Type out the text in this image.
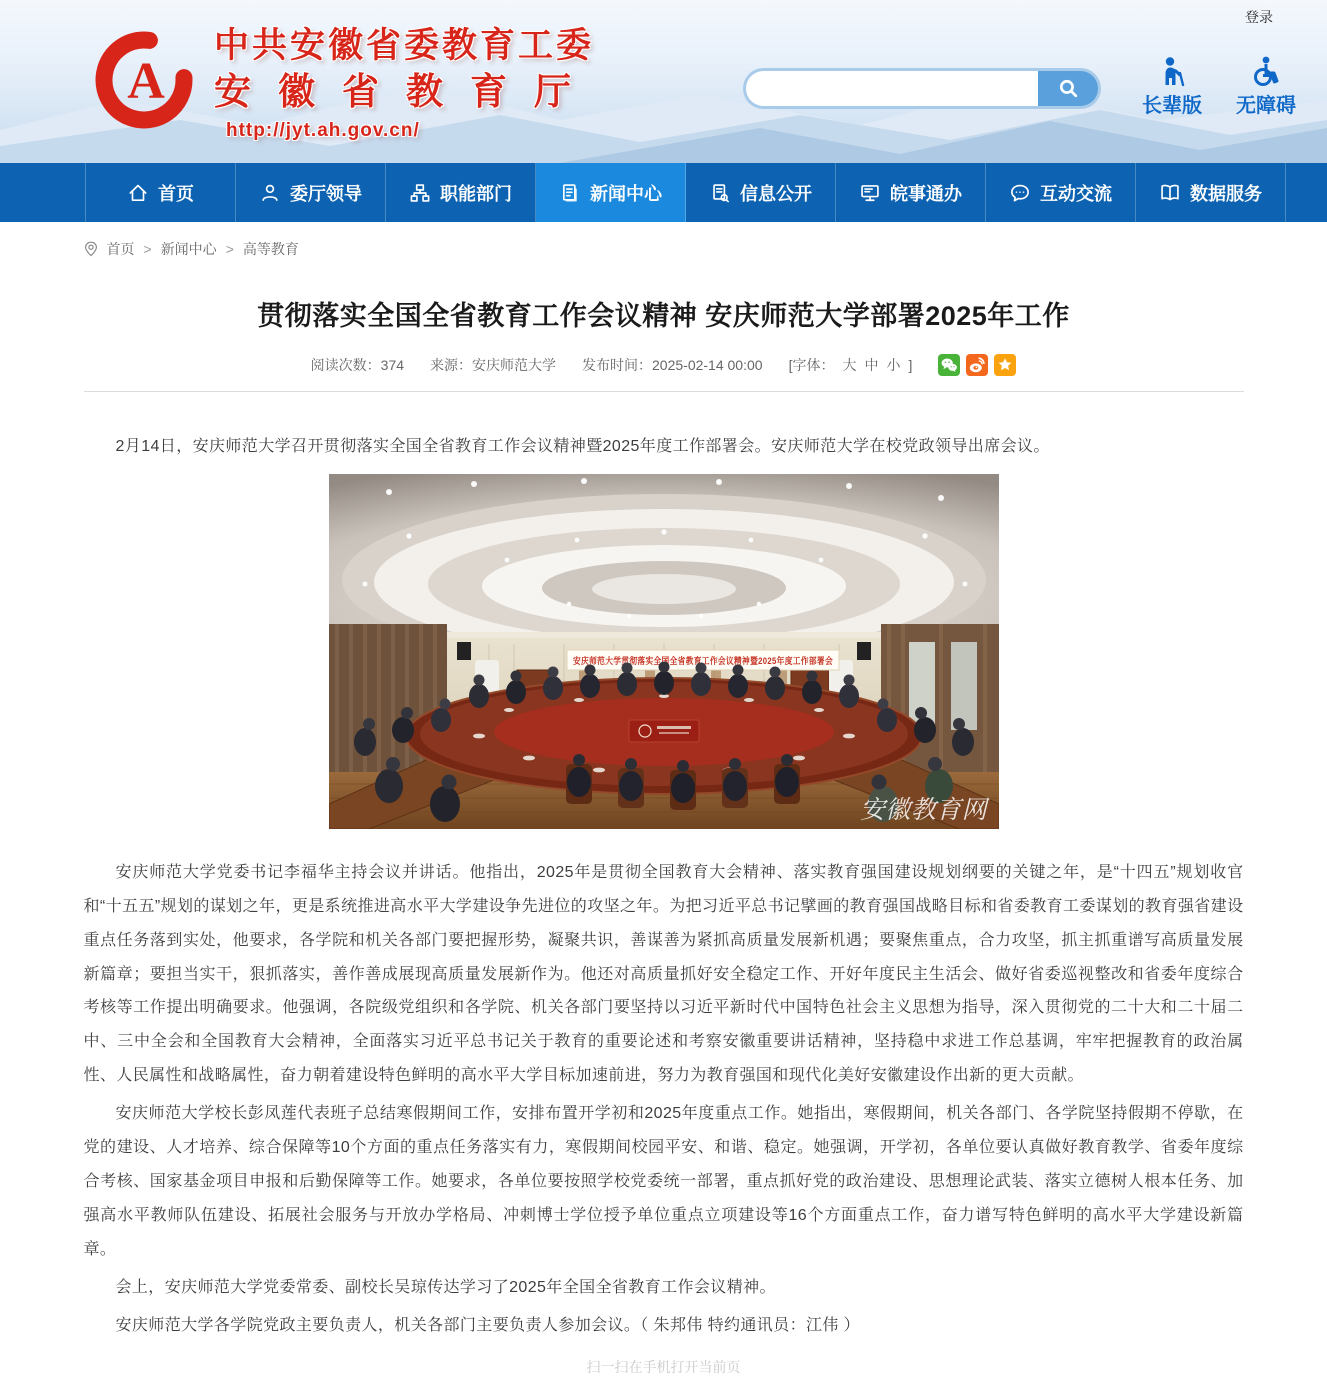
登录
A
中共安徽省委教育工委
安徽省教育厅
http://jyt.ah.gov.cn/
长辈版 无障碍
首页	委厅领导	职能部门	新闻中心	信息公开	皖事通办	互动交流	数据服务
首页 > 新闻中心 > 高等教育
贯彻落实全国全省教育工作会议精神 安庆师范大学部署2025年工作
阅读次数：374 来源：安庆师范大学 发布时间：2025-02-14 00:00 [字体： 大 中 小 ]

2月14日，安庆师范大学召开贯彻落实全国全省教育工作会议精神暨2025年度工作部署会。安庆师范大学在校党政领导出席会议。

安庆师范大学贯彻落实全国全省教育工作会议精神暨2025年度工作部署会
安徽教育网

安庆师范大学党委书记李福华主持会议并讲话。他指出，2025年是贯彻全国教育大会精神、落实教育强国建设规划纲要的关键之年，是“十四五”规划收官和“十五五”规划的谋划之年，更是系统推进高水平大学建设争先进位的攻坚之年。为把习近平总书记擘画的教育强国战略目标和省委教育工委谋划的教育强省建设重点任务落到实处，他要求，各学院和机关各部门要把握形势，凝聚共识，善谋善为紧抓高质量发展新机遇；要聚焦重点，合力攻坚，抓主抓重谱写高质量发展新篇章；要担当实干，狠抓落实，善作善成展现高质量发展新作为。他还对高质量抓好安全稳定工作、开好年度民主生活会、做好省委巡视整改和省委年度综合考核等工作提出明确要求。他强调，各院级党组织和各学院、机关各部门要坚持以习近平新时代中国特色社会主义思想为指导，深入贯彻党的二十大和二十届二中、三中全会和全国教育大会精神，全面落实习近平总书记关于教育的重要论述和考察安徽重要讲话精神，坚持稳中求进工作总基调，牢牢把握教育的政治属性、人民属性和战略属性，奋力朝着建设特色鲜明的高水平大学目标加速前进，努力为教育强国和现代化美好安徽建设作出新的更大贡献。

安庆师范大学校长彭凤莲代表班子总结寒假期间工作，安排布置开学初和2025年度重点工作。她指出，寒假期间，机关各部门、各学院坚持假期不停歇，在党的建设、人才培养、综合保障等10个方面的重点任务落实有力，寒假期间校园平安、和谐、稳定。她强调，开学初，各单位要认真做好教育教学、省委年度综合考核、国家基金项目申报和后勤保障等工作。她要求，各单位要按照学校党委统一部署，重点抓好党的政治建设、思想理论武装、落实立德树人根本任务、加强高水平教师队伍建设、拓展社会服务与开放办学格局、冲刺博士学位授予单位重点立项建设等16个方面重点工作，奋力谱写特色鲜明的高水平大学建设新篇章。

会上，安庆师范大学党委常委、副校长吴琼传达学习了2025年全国全省教育工作会议精神。

安庆师范大学各学院党政主要负责人，机关各部门主要负责人参加会议。（ 朱邦伟 特约通讯员：江伟 ）

扫一扫在手机打开当前页
